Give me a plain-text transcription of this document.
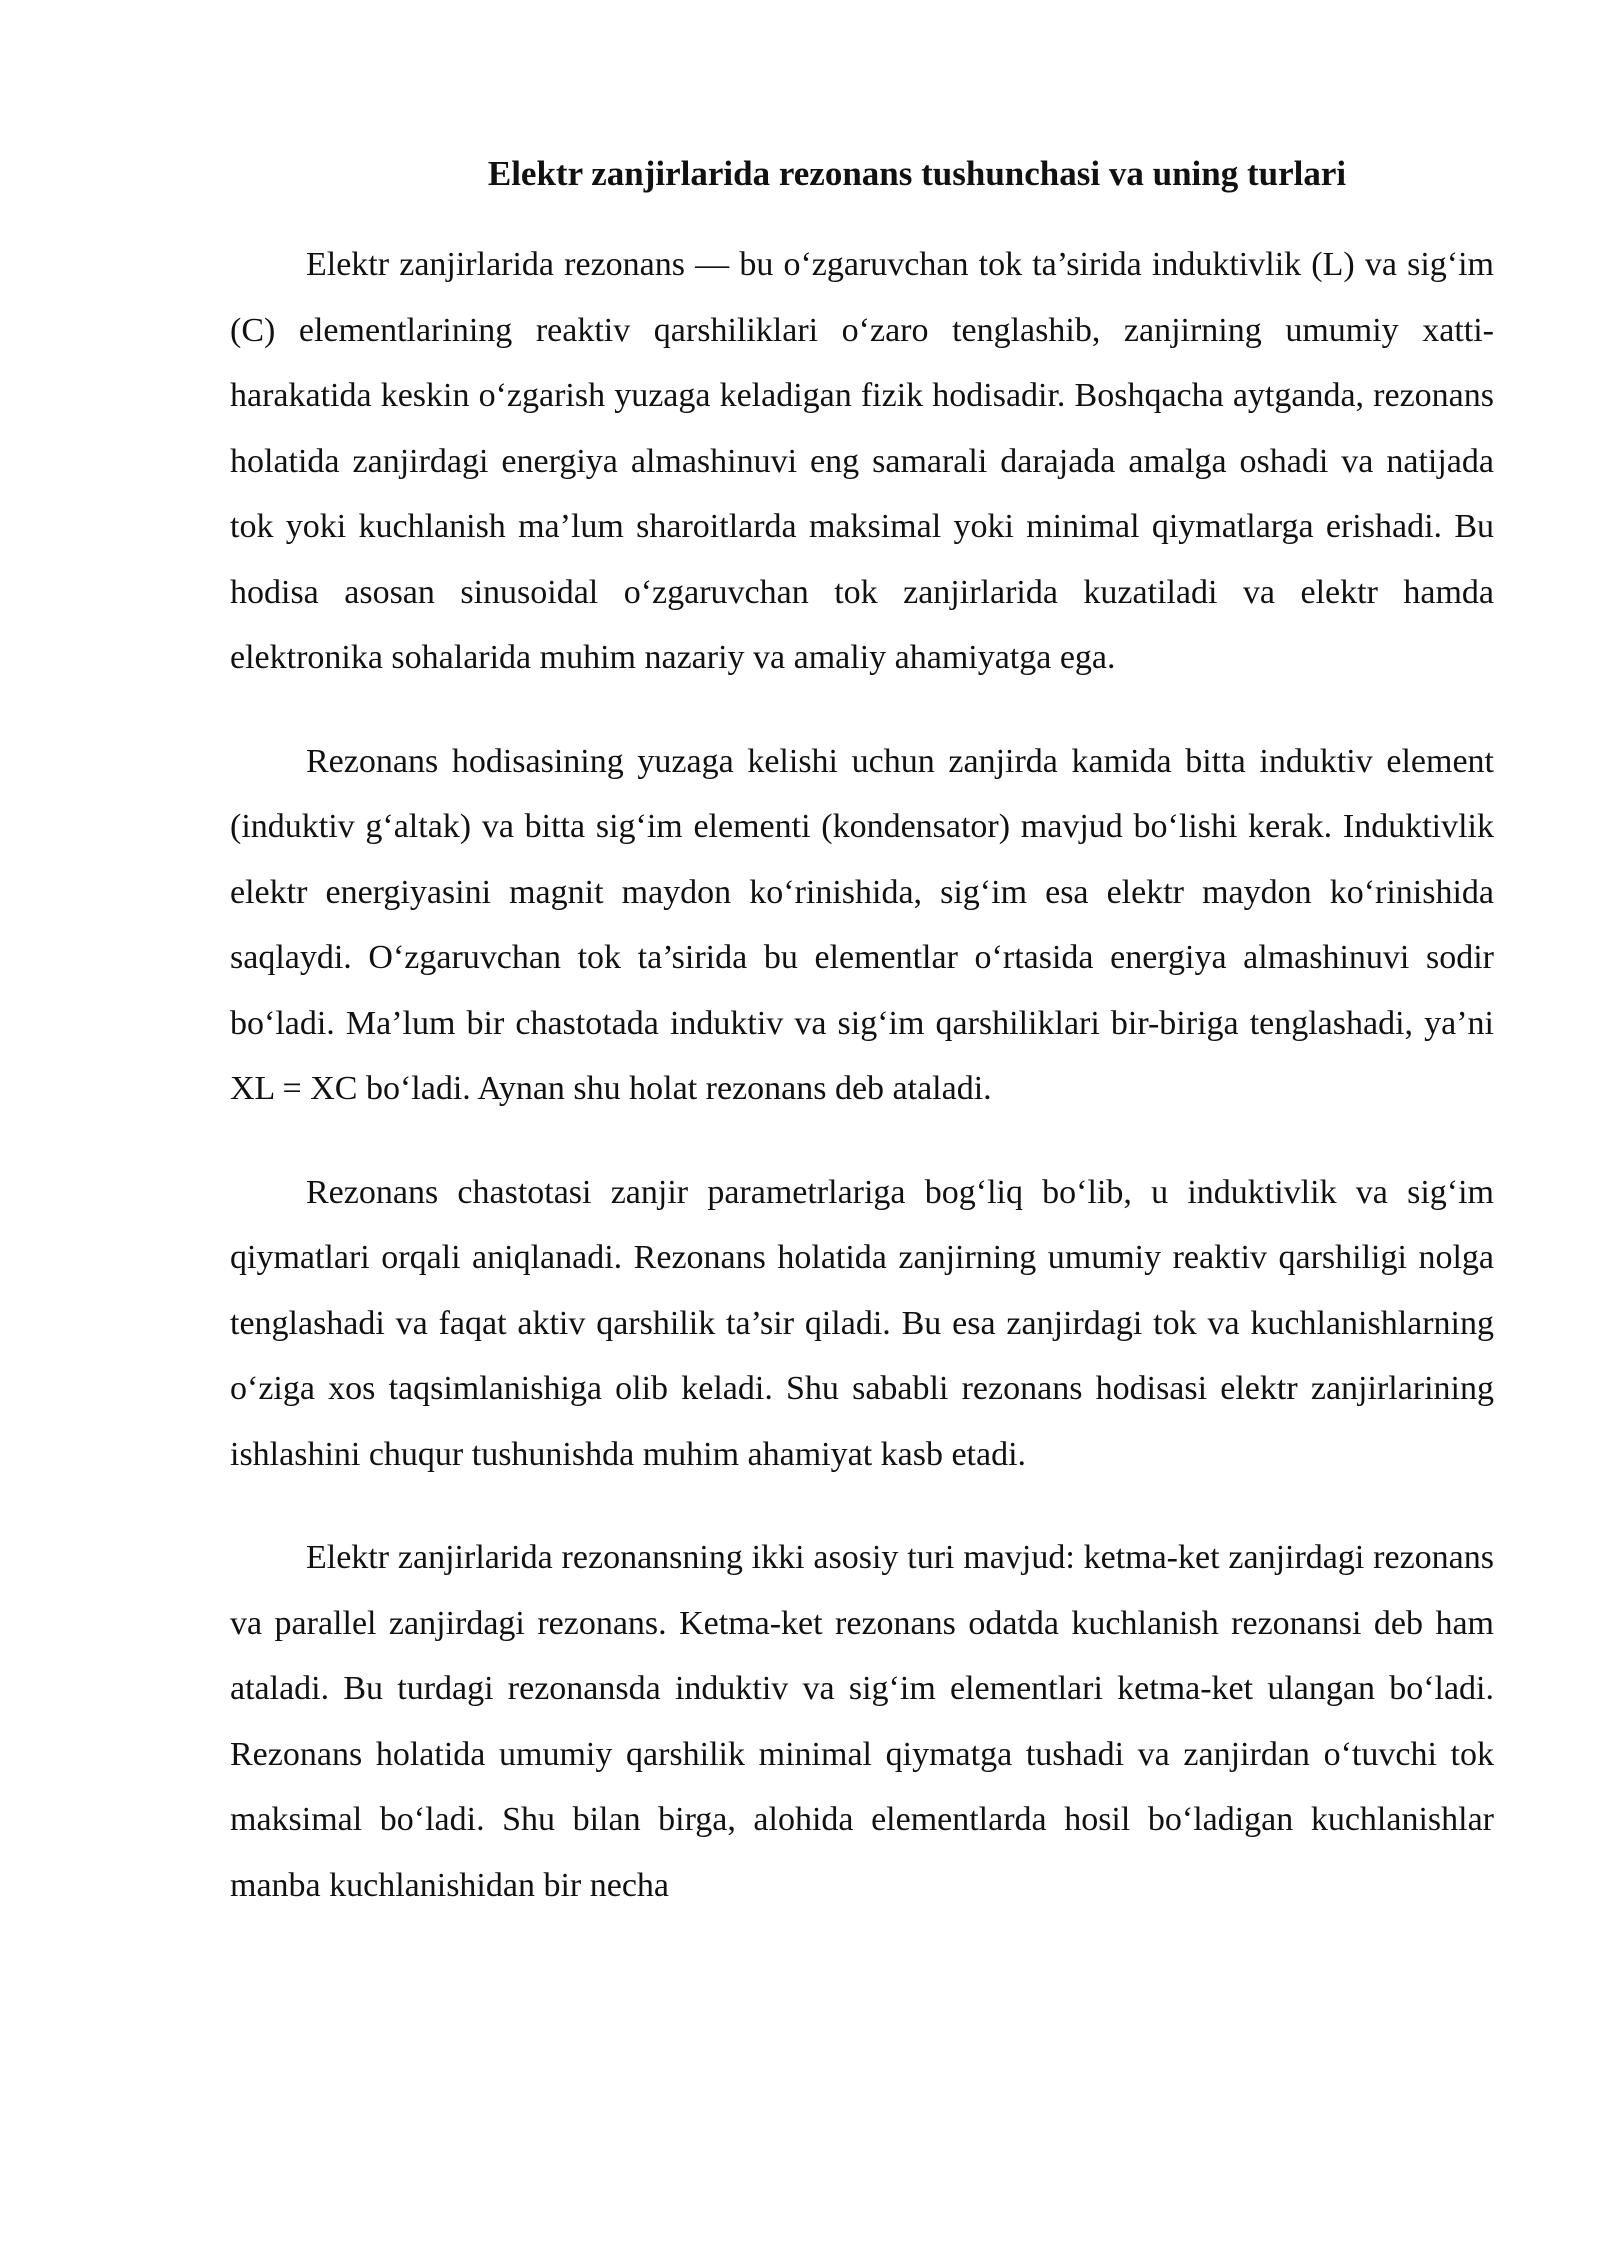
Elektr zanjirlarida rezonans tushunchasi va uning turlari

Elektr zanjirlarida rezonans — bu o‘zgaruvchan tok ta’sirida induktivlik (L) va sig‘im (C) elementlarining reaktiv qarshiliklari o‘zaro tenglashib, zanjirning umumiy xatti-harakatida keskin o‘zgarish yuzaga keladigan fizik hodisadir. Boshqacha aytganda, rezonans holatida zanjirdagi energiya almashinuvi eng samarali darajada amalga oshadi va natijada tok yoki kuchlanish ma’lum sharoitlarda maksimal yoki minimal qiymatlarga erishadi. Bu hodisa asosan sinusoidal o‘zgaruvchan tok zanjirlarida kuzatiladi va elektr hamda elektronika sohalarida muhim nazariy va amaliy ahamiyatga ega.

Rezonans hodisasining yuzaga kelishi uchun zanjirda kamida bitta induktiv element (induktiv g‘altak) va bitta sig‘im elementi (kondensator) mavjud bo‘lishi kerak. Induktivlik elektr energiyasini magnit maydon ko‘rinishida, sig‘im esa elektr maydon ko‘rinishida saqlaydi. O‘zgaruvchan tok ta’sirida bu elementlar o‘rtasida energiya almashinuvi sodir bo‘ladi. Ma’lum bir chastotada induktiv va sig‘im qarshiliklari bir-biriga tenglashadi, ya’ni XL = XC bo‘ladi. Aynan shu holat rezonans deb ataladi.

Rezonans chastotasi zanjir parametrlariga bog‘liq bo‘lib, u induktivlik va sig‘im qiymatlari orqali aniqlanadi. Rezonans holatida zanjirning umumiy reaktiv qarshiligi nolga tenglashadi va faqat aktiv qarshilik ta’sir qiladi. Bu esa zanjirdagi tok va kuchlanishlarning o‘ziga xos taqsimlanishiga olib keladi. Shu sababli rezonans hodisasi elektr zanjirlarining ishlashini chuqur tushunishda muhim ahamiyat kasb etadi.

Elektr zanjirlarida rezonansning ikki asosiy turi mavjud: ketma-ket zanjirdagi rezonans va parallel zanjirdagi rezonans. Ketma-ket rezonans odatda kuchlanish rezonansi deb ham ataladi. Bu turdagi rezonansda induktiv va sig‘im elementlari ketma-ket ulangan bo‘ladi. Rezonans holatida umumiy qarshilik minimal qiymatga tushadi va zanjirdan o‘tuvchi tok maksimal bo‘ladi. Shu bilan birga, alohida elementlarda hosil bo‘ladigan kuchlanishlar manba kuchlanishidan bir necha
